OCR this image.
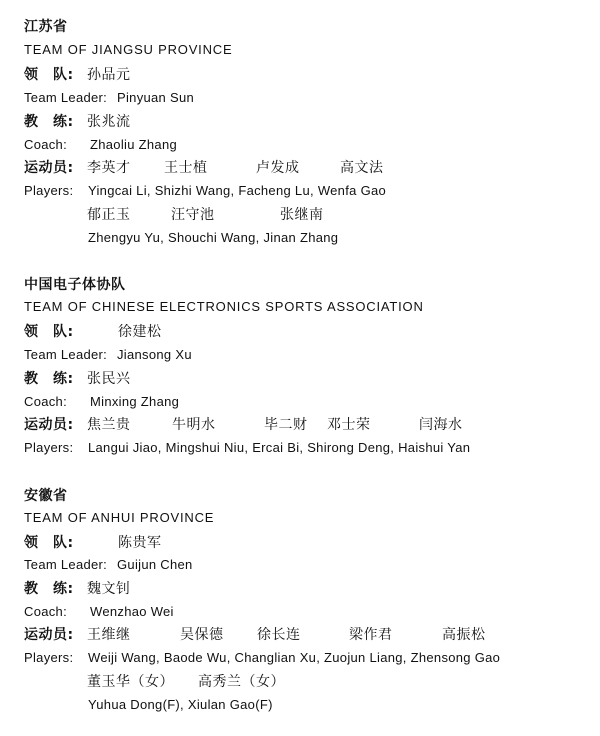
江苏省
TEAM OF JIANGSU PROVINCE
领　队: 孙品元
Team Leader: Pinyuan Sun
教　练: 张兆流
Coach: Zhaoliu Zhang
运动员: 李英才 王士植	卢发成	高文法
Players: Yingcai Li, Shizhi Wang, Facheng Lu, Wenfa Gao
郁正玉	汪守池	张继南
Zhengyu Yu, Shouchi Wang, Jinan Zhang
中国电子体协队
TEAM OF CHINESE ELECTRONICS SPORTS ASSOCIATION
领　队:	徐建松
Team Leader: Jiansong Xu
教　练: 张民兴
Coach: Minxing Zhang
运动员: 焦兰贵	牛明水	毕二财 邓士荣	闫海水
Players: Langui Jiao, Mingshui Niu, Ercai Bi, Shirong Deng, Haishui Yan
安徽省
TEAM OF ANHUI PROVINCE
领　队:	陈贵军
Team Leader: Guijun Chen
教　练: 魏文钊
Coach: Wenzhao Wei
运动员: 王维继	吴保德 徐长连	梁作君	高振松
Players: Weiji Wang, Baode Wu, Changlian Xu, Zuojun Liang, Zhensong Gao
董玉华（女） 高秀兰（女）
Yuhua Dong(F), Xiulan Gao(F)
